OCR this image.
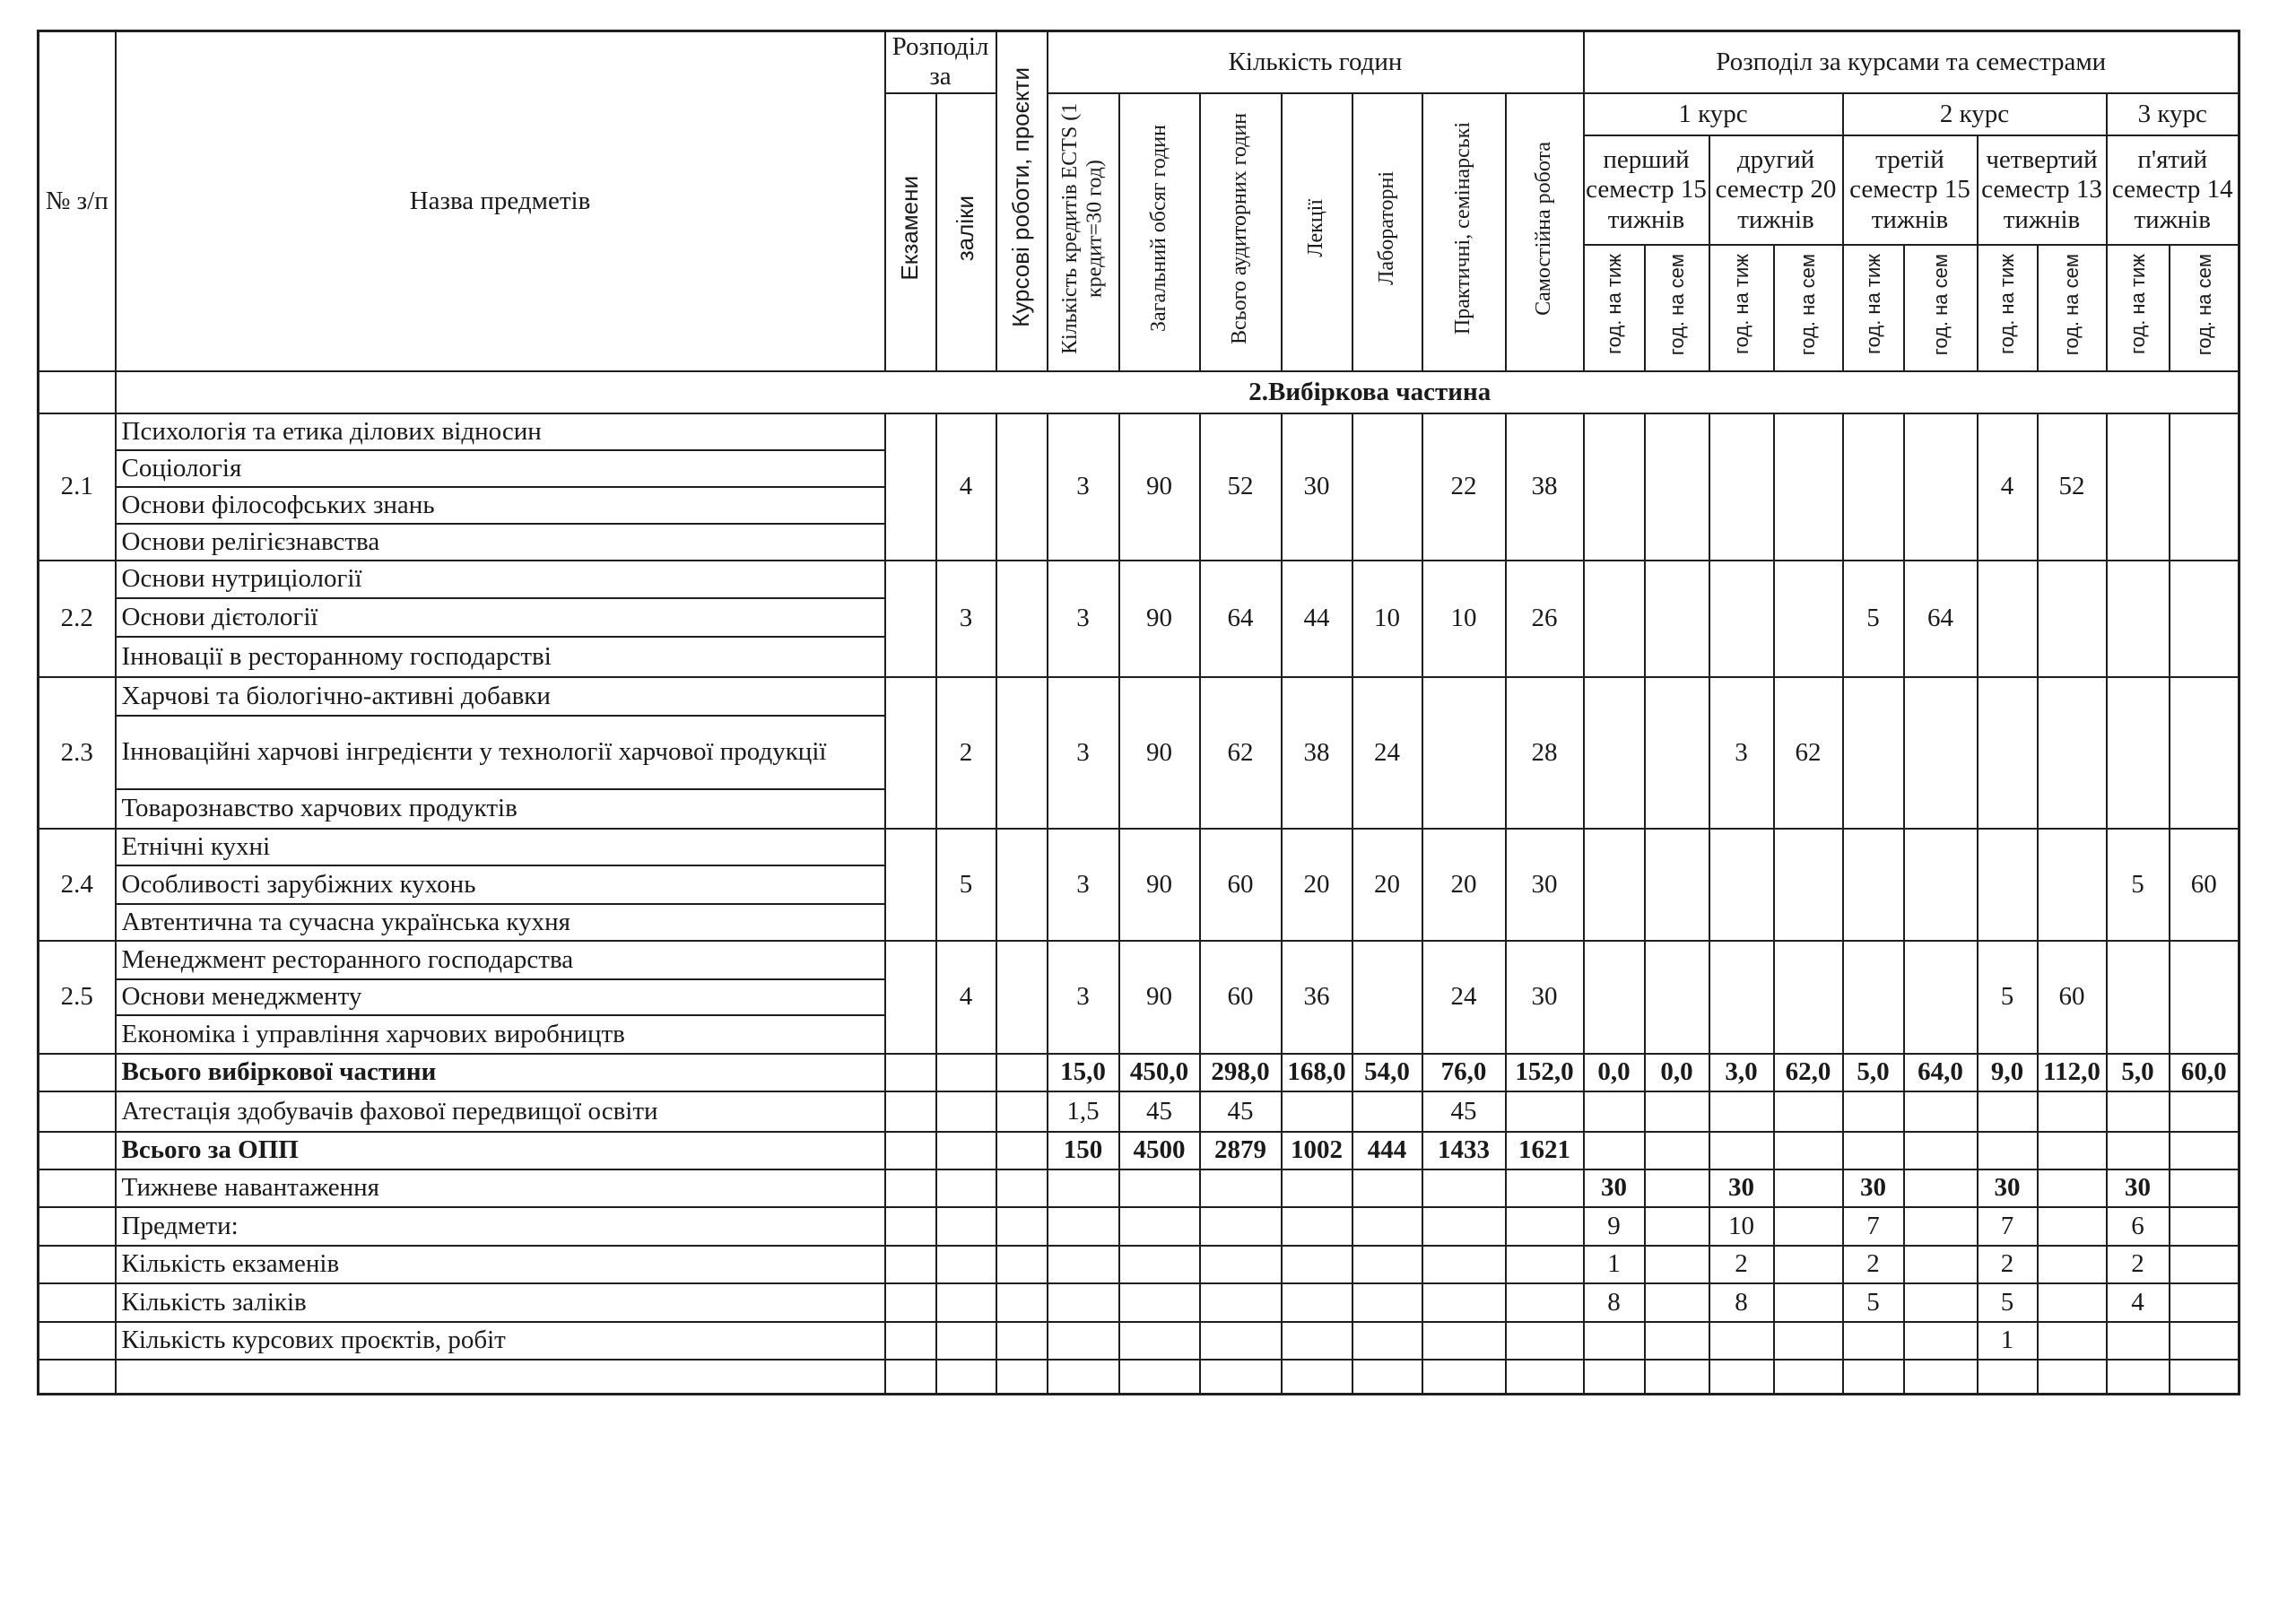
№ з/п	Назва предметів	Розподіл за		Курсові роботи, проєкти	Кількість годин							Розподіл за курсами та семестрами									
		Екзамени	заліки		Кількість кредитів ECTS (1 кредит=30 год)	Загальний обсяг годин	Всього аудиторних годин	Лекції	Лабораторні	Практичні, семінарські	Самостійна робота	1 курс				2 курс				3 курс	
												перший семестр 15 тижнів		другий семестр 20 тижнів		третій семестр 15 тижнів		четвертий семестр 13 тижнів		п'ятий семестр 14 тижнів	
												год. на тиж	год. на сем	год. на тиж	год. на сем	год. на тиж	год. на сем	год. на тиж	год. на сем	год. на тиж	год. на сем
	2.Вибіркова частина																				
2.1	Психологія та етика ділових відносин		4		3	90	52	30		22	38							4	52		
	Соціологія																				
	Основи філософських знань																				
	Основи релігієзнавства																				
2.2	Основи нутриціології		3		3	90	64	44	10	10	26					5	64				
	Основи дієтології																				
	Інновації в ресторанному господарстві																				
2.3	Харчові та біологічно-активні добавки		2		3	90	62	38	24		28			3	62						
	Інноваційні харчові інгредієнти у технології харчової продукції																				
	Товарознавство харчових продуктів																				
2.4	Етнічні кухні		5		3	90	60	20	20	20	30									5	60
	Особливості зарубіжних кухонь																				
	Автентична та сучасна українська кухня																				
2.5	Менеджмент ресторанного господарства		4		3	90	60	36		24	30							5	60		
	Основи менеджменту																				
	Економіка і управління харчових виробництв																				
	Всього вибіркової частини				15,0	450,0	298,0	168,0	54,0	76,0	152,0	0,0	0,0	3,0	62,0	5,0	64,0	9,0	112,0	5,0	60,0
	Атестація здобувачів фахової передвищої освіти				1,5	45	45			45											
	Всього за ОПП				150	4500	2879	1002	444	1433	1621										
	Тижневе навантаження											30		30		30		30		30	
	Предмети:											9		10		7		7		6	
	Кількість екзаменів											1		2		2		2		2	
	Кількість заліків											8		8		5		5		4	
	Кількість курсових проєктів, робіт																	1			
